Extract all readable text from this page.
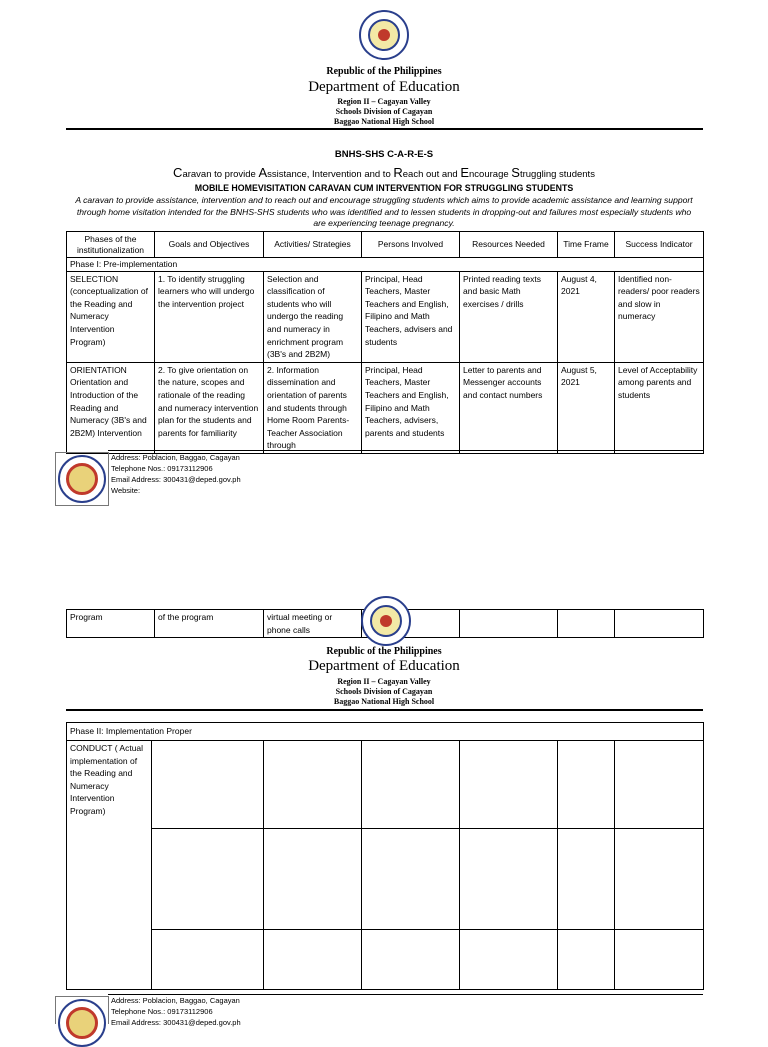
Republic of the Philippines
Department of Education
Region II – Cagayan Valley
Schools Division of Cagayan
Baggao National High School
BNHS-SHS C-A-R-E-S
Caravan to provide Assistance, Intervention and to Reach out and Encourage Struggling students
MOBILE HOMEVISITATION CARAVAN CUM INTERVENTION FOR STRUGGLING STUDENTS
A caravan to provide assistance, intervention and to reach out and encourage struggling students which aims to provide academic assistance and learning support through home visitation intended for the BNHS-SHS students who was identified and to lessen students in dropping-out and failures most especially students who are experiencing teenage pregnancy.
Phases of the institutionalization	Goals and Objectives	Activities/ Strategies	Persons Involved	Resources Needed	Time Frame	Success Indicator
Phase I: Pre-implementation						
SELECTION (conceptualization of the Reading and Numeracy Intervention Program)	1. To identify struggling learners who will undergo the intervention project	Selection and classification of students who will undergo the reading and numeracy in enrichment program (3B's and 2B2M)	Principal, Head Teachers, Master Teachers and English, Filipino and Math Teachers, advisers and students	Printed reading texts and basic Math exercises / drills	August 4, 2021	Identified non-readers/ poor readers and slow in numeracy
ORIENTATION Orientation and Introduction of the Reading and Numeracy (3B's and 2B2M) Intervention	2. To give orientation on the nature, scopes and rationale of the reading and numeracy intervention plan for the students and parents for familiarity	2. Information dissemination and orientation of parents and students through Home Room Parents- Teacher Association through	Principal, Head Teachers, Master Teachers and English, Filipino and Math Teachers, advisers, parents and students	Letter to parents and Messenger accounts and contact numbers	August 5, 2021	Level of Acceptability among parents and students
Address: Poblacion, Baggao, Cagayan
Telephone Nos.: 09173112906
Email Address: 300431@deped.gov.ph
Website:
Program	of the program	virtual meeting or phone calls				
Republic of the Philippines
Department of Education
Region II – Cagayan Valley
Schools Division of Cagayan
Baggao National High School
Phase II: Implementation Proper						
CONDUCT ( Actual implementation of the Reading and Numeracy Intervention Program)						

Address: Poblacion, Baggao, Cagayan
Telephone Nos.: 09173112906
Email Address: 300431@deped.gov.ph
